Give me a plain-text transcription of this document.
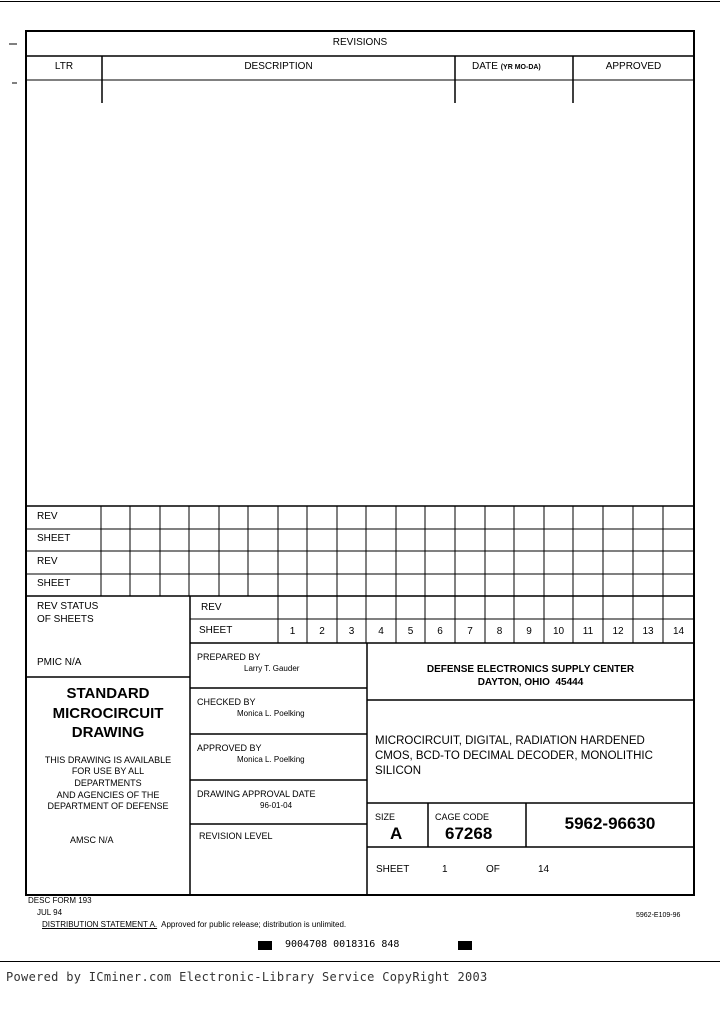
REVISIONS
LTR	DESCRIPTION	DATE (YR MO-DA)	APPROVED
REV
SHEET
REV
SHEET
REV STATUS
OF SHEETS
REV
SHEET	1	2	3	4	5	6	7	8	9	10	11	12	13	14
PMIC N/A
STANDARD
MICROCIRCUIT
DRAWING
THIS DRAWING IS AVAILABLE
FOR USE BY ALL
DEPARTMENTS
AND AGENCIES OF THE
DEPARTMENT OF DEFENSE
AMSC N/A
PREPARED BY
Larry T. Gauder
CHECKED BY
Monica L. Poelking
APPROVED BY
Monica L. Poelking
DRAWING APPROVAL DATE
96-01-04
REVISION LEVEL
DEFENSE ELECTRONICS SUPPLY CENTER
DAYTON, OHIO 45444
MICROCIRCUIT, DIGITAL, RADIATION HARDENED
CMOS, BCD-TO DECIMAL DECODER, MONOLITHIC
SILICON
SIZE
A
CAGE CODE
67268
5962-96630
SHEET	1	OF	14
DESC FORM 193
JUL 94
DISTRIBUTION STATEMENT A. Approved for public release; distribution is unlimited.
5962-E109-96
9004708 0018316 848
Powered by ICminer.com Electronic-Library Service CopyRight 2003
